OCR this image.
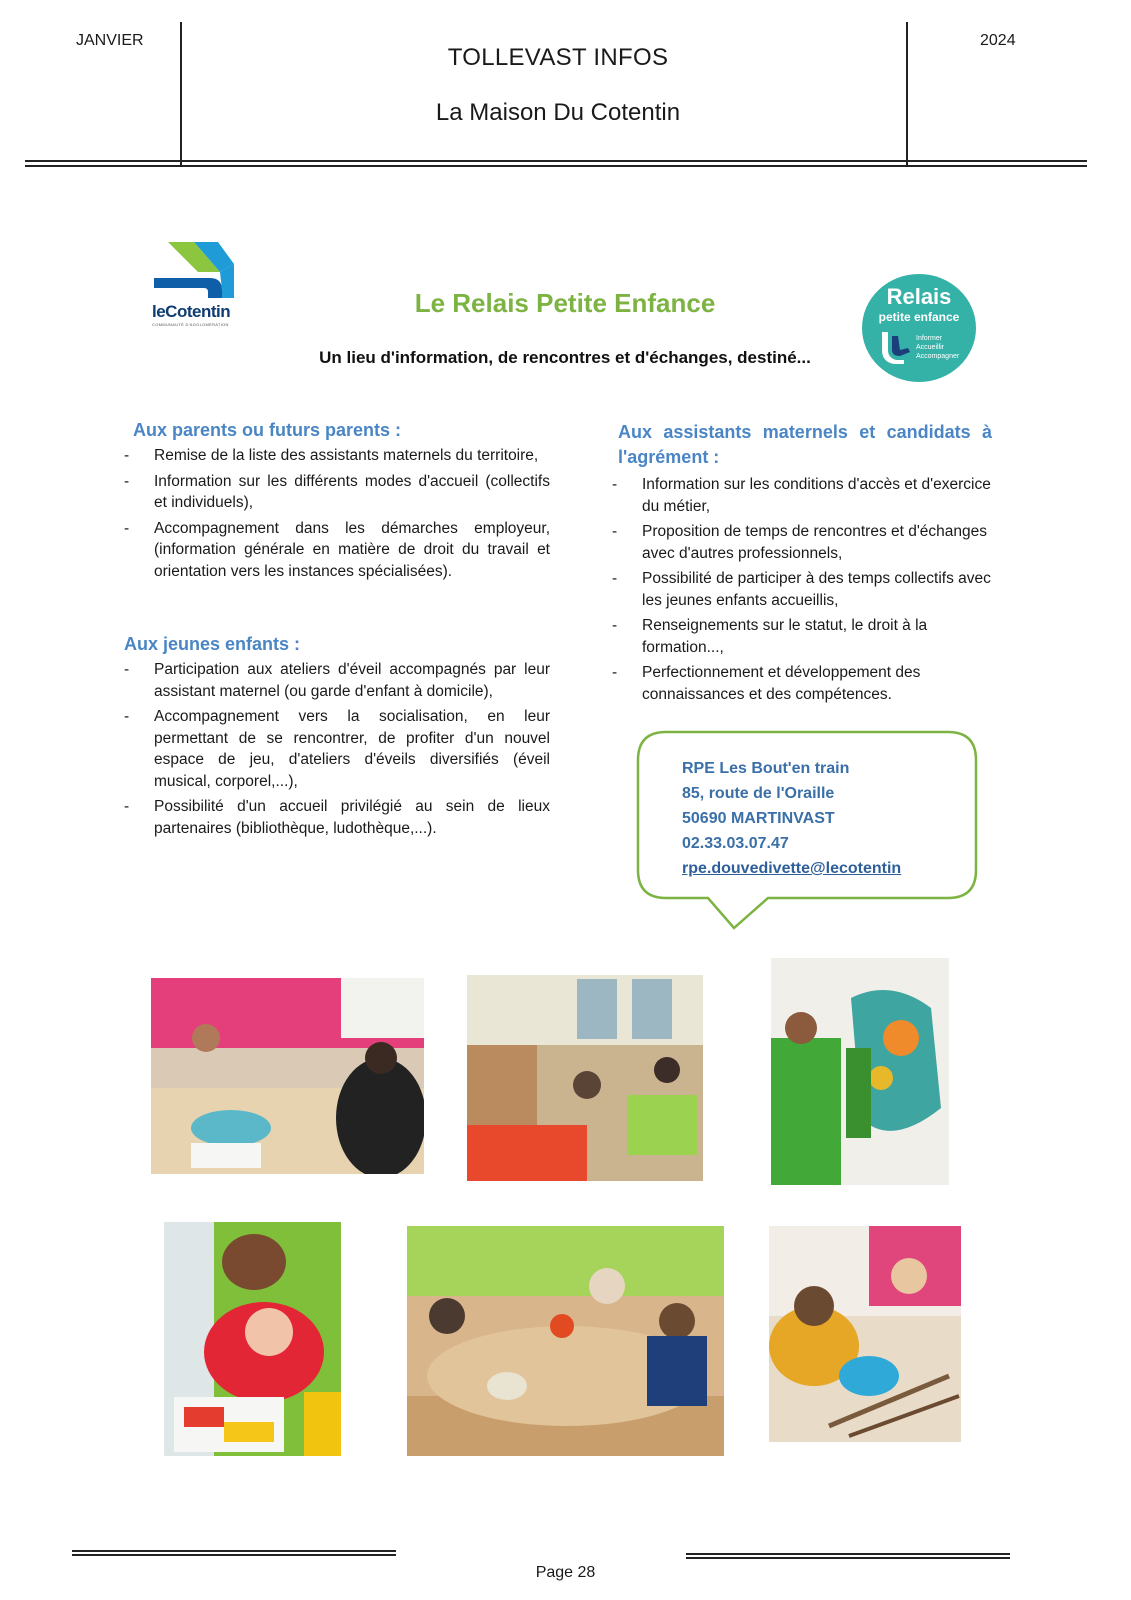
JANVIER	2024
TOLLEVAST INFOS
La Maison Du Cotentin
leCotentin
COMMUNAUTÉ D'AGGLOMÉRATION
Le Relais Petite Enfance
Un lieu d'information, de rencontres et d'échanges, destiné...
Relais
petite enfance
Informer
Accueillir
Accompagner
Aux parents ou futurs parents :
- Remise de la liste des assistants maternels du territoire,
- Information sur les différents modes d'accueil (collectifs et individuels),
- Accompagnement dans les démarches employeur, (information générale en matière de droit du travail et orientation vers les instances spécialisées).
Aux jeunes enfants :
- Participation aux ateliers d'éveil accompagnés par leur assistant maternel (ou garde d'enfant à domicile),
- Accompagnement vers la socialisation, en leur permettant de se rencontrer, de profiter d'un nouvel espace de jeu, d'ateliers d'éveils diversifiés (éveil musical, corporel,...),
- Possibilité d'un accueil privilégié au sein de lieux partenaires (bibliothèque, ludothèque,...).
Aux assistants maternels et candidats à l'agrément :
- Information sur les conditions d'accès et d'exercice du métier,
- Proposition de temps de rencontres et d'échanges avec d'autres professionnels,
- Possibilité de participer à des temps collectifs avec les jeunes enfants accueillis,
- Renseignements sur le statut, le droit à la formation...,
- Perfectionnement et développement des connaissances et des compétences.
RPE Les Bout'en train
85, route de l'Oraille
50690 MARTINVAST
02.33.03.07.47
rpe.douvedivette@lecotentin
Page 28
